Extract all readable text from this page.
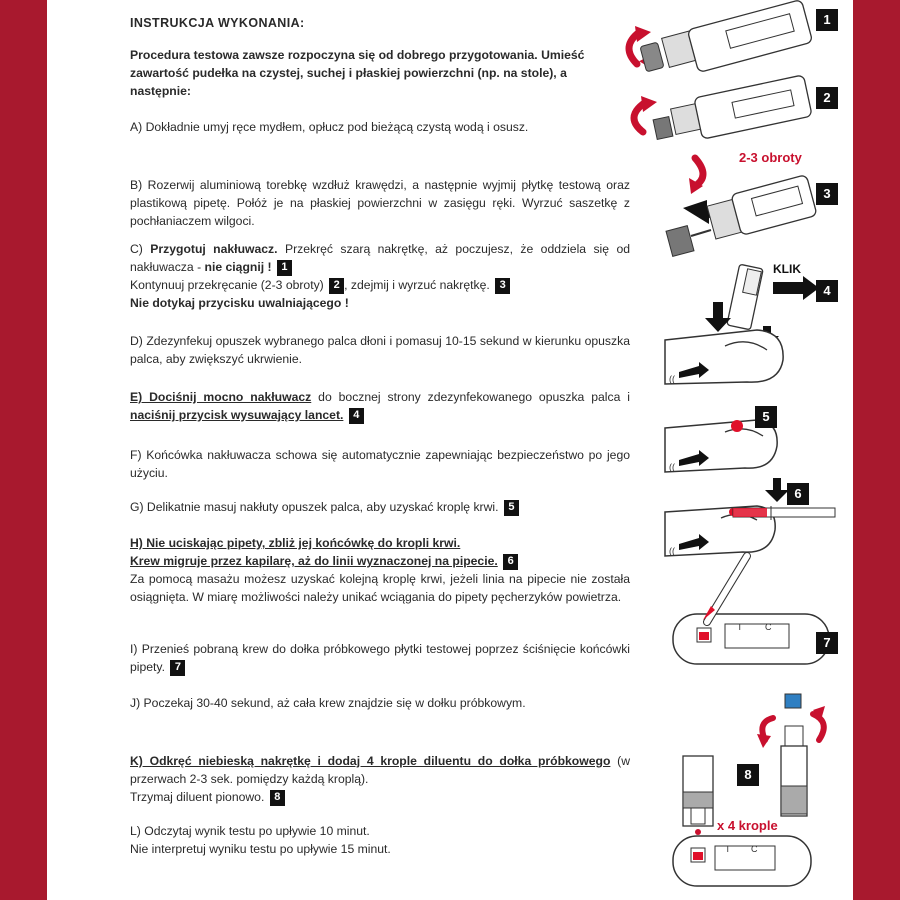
INSTRUKCJA WYKONANIA:

Procedura testowa zawsze rozpoczyna się od dobrego przygotowania. Umieść zawartość pudełka na czystej, suchej i płaskiej powierzchni (np. na stole), a następnie:

A) Dokładnie umyj ręce mydłem, opłucz pod bieżącą czystą wodą i osusz.

B) Rozerwij aluminiową torebkę wzdłuż krawędzi, a następnie wyjmij płytkę testową oraz plastikową pipetę. Połóż je na płaskiej powierzchni w zasięgu ręki. Wyrzuć saszetkę z pochłaniaczem wilgoci.

C) Przygotuj nakłuwacz. Przekręć szarą nakrętkę, aż poczujesz, że oddziela się od nakłuwacza - nie ciągnij ! 1
Kontynuuj przekręcanie (2-3 obroty) 2 , zdejmij i wyrzuć nakrętkę. 3
Nie dotykaj przycisku uwalniającego !

D) Zdezynfekuj opuszek wybranego palca dłoni i pomasuj 10-15 sekund w kierunku opuszka palca, aby zwiększyć ukrwienie.

E) Dociśnij mocno nakłuwacz do bocznej strony zdezynfekowanego opuszka palca i naciśnij przycisk wysuwający lancet. 4

F) Końcówka nakłuwacza schowa się automatycznie zapewniając bezpieczeństwo po jego użyciu.

G) Delikatnie masuj nakłuty opuszek palca, aby uzyskać kroplę krwi. 5

H) Nie uciskając pipety, zbliż jej końcówkę do kropli krwi.
Krew migruje przez kapilarę, aż do linii wyznaczonej na pipecie. 6
Za pomocą masażu możesz uzyskać kolejną kroplę krwi, jeżeli linia na pipecie nie została osiągnięta. W miarę możliwości należy unikać wciągania do pipety pęcherzyków powietrza.

I) Przenieś pobraną krew do dołka próbkowego płytki testowej poprzez ściśnięcie końcówki pipety. 7

J) Poczekaj 30-40 sekund, aż cała krew znajdzie się w dołku próbkowym.

K) Odkręć niebieską nakrętkę i dodaj 4 krople diluentu do dołka próbkowego (w przerwach 2-3 sek. pomiędzy każdą kroplą).
Trzymaj diluent pionowo. 8

L) Odczytaj wynik testu po upływie 10 minut.
Nie interpretuj wyniku testu po upływie 15 minut.

((
((
((
T	C
T C
1
2
3
4
5
6
7
8
2-3 obroty
KLIK
x 4 krople
